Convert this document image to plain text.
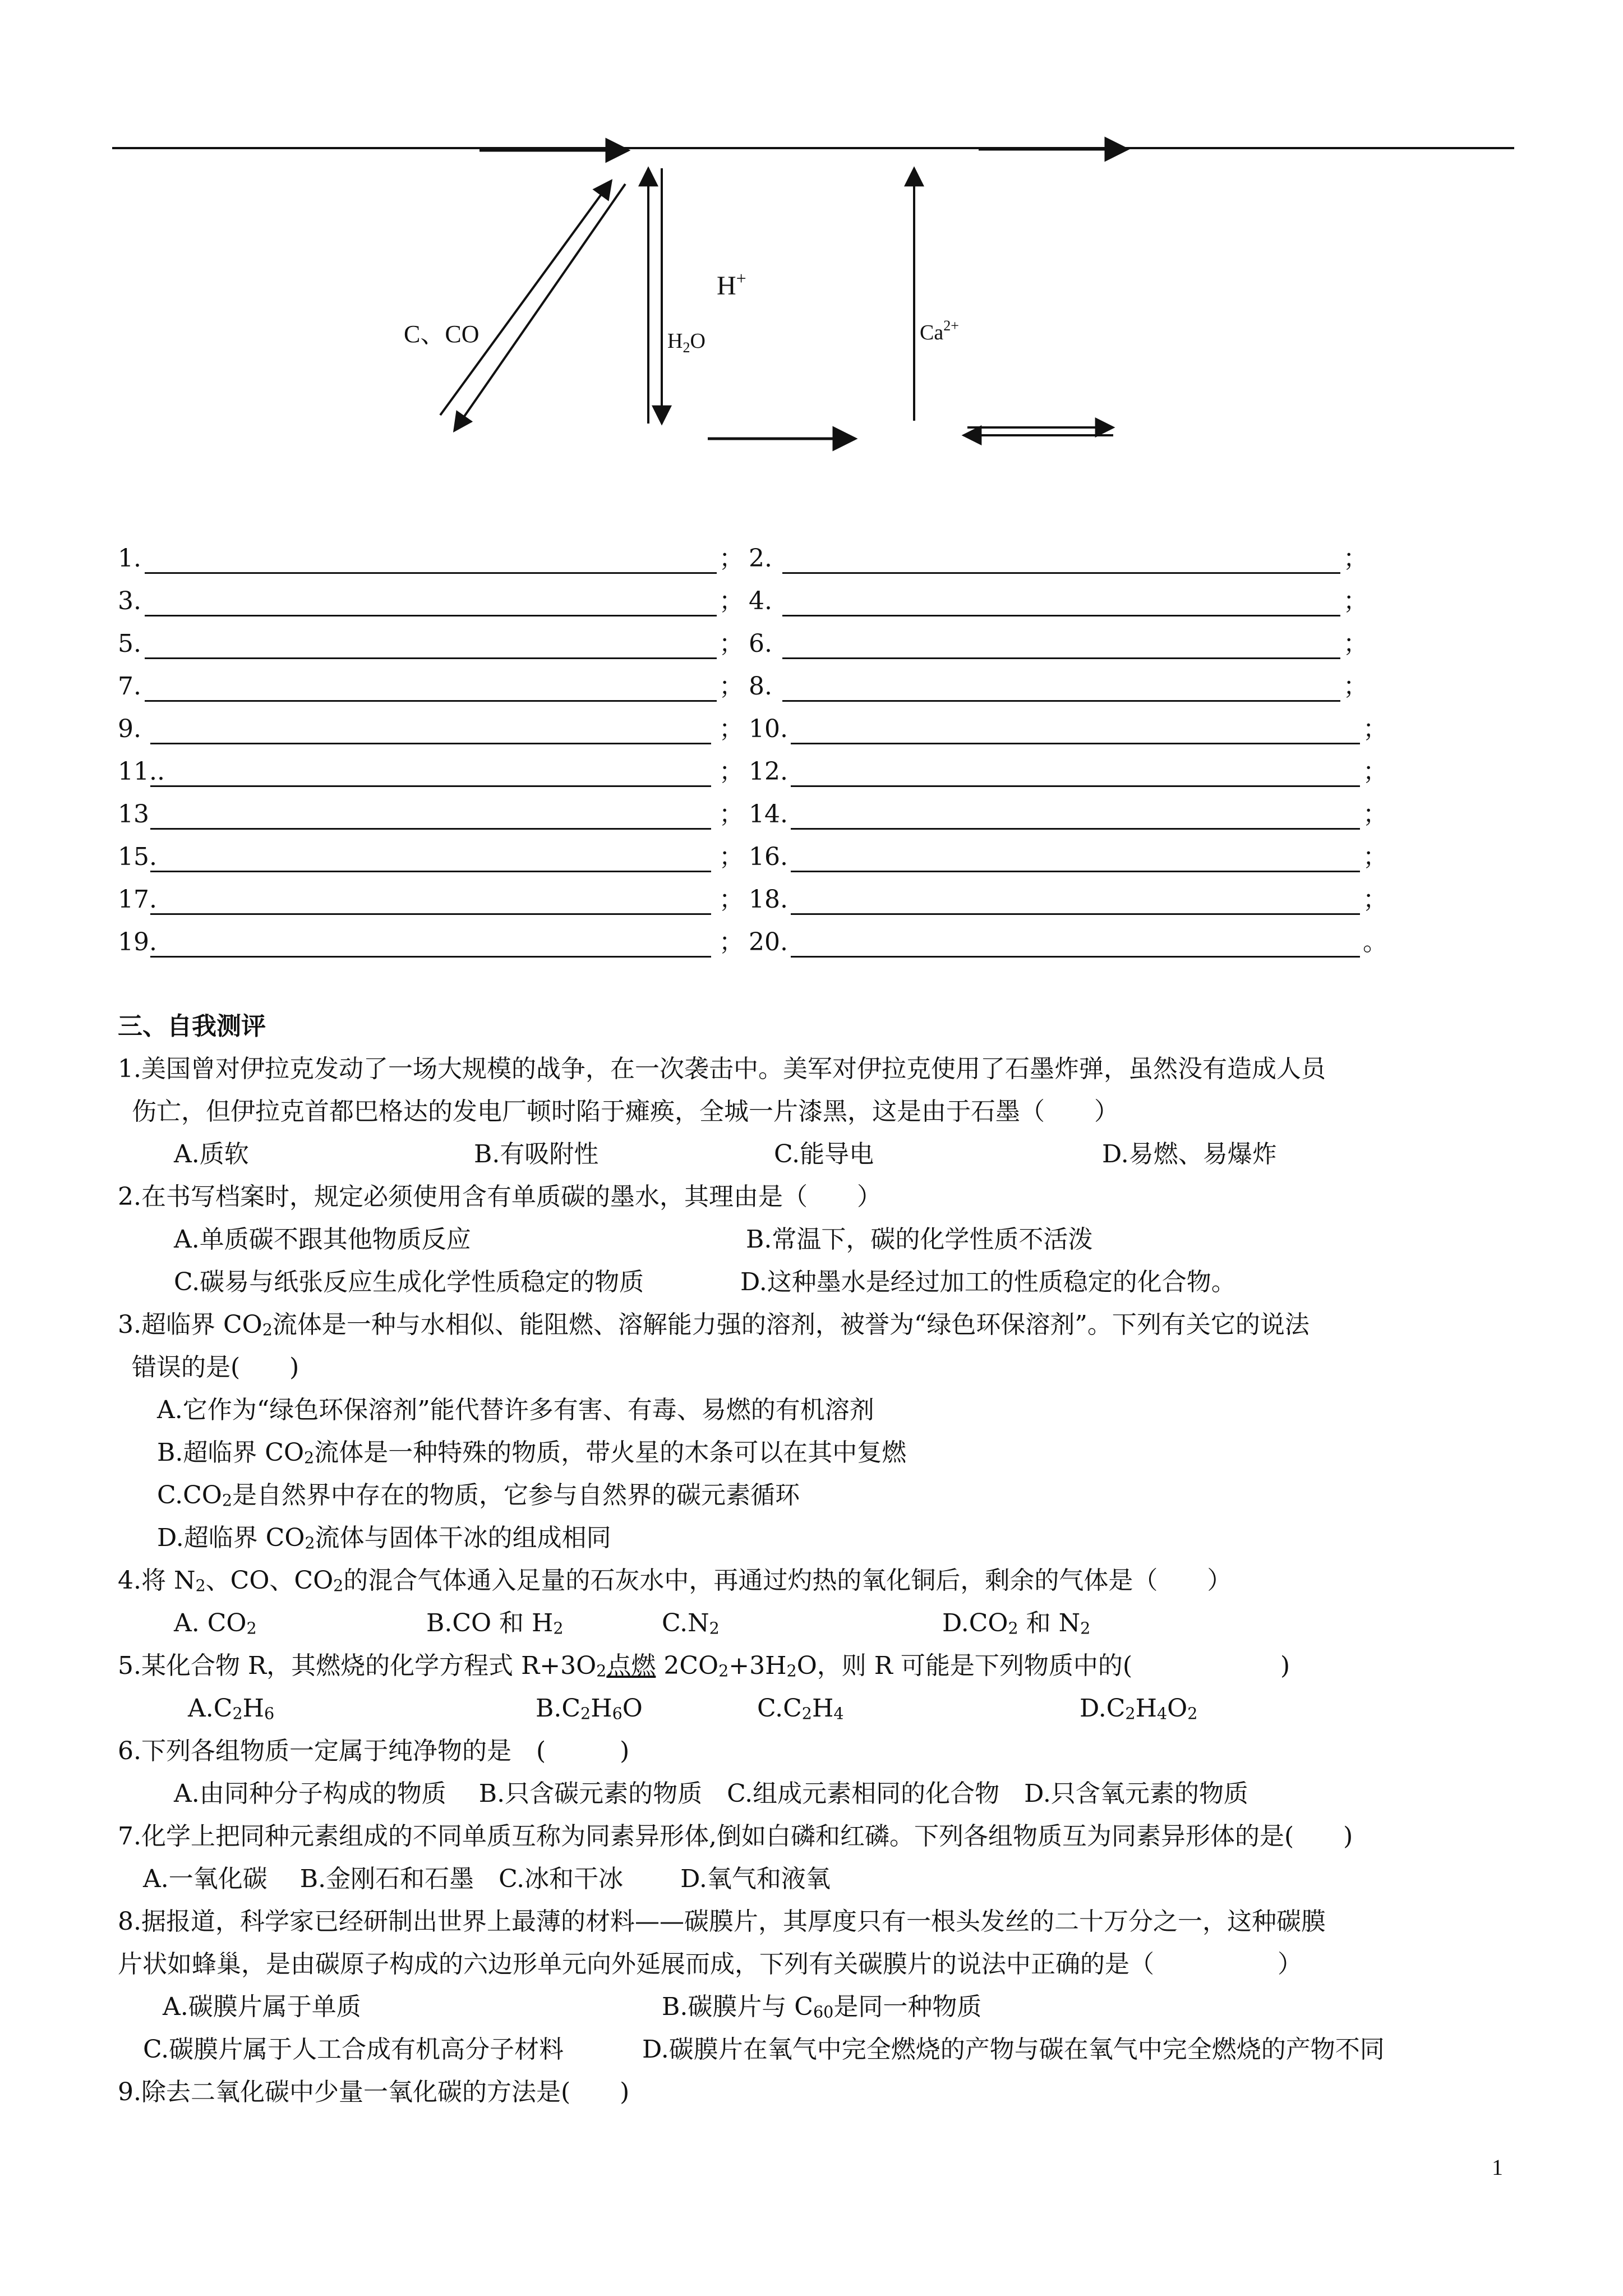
C、CO	$H_2O$
H+
$Ca^{2+}$
1.	； 2.	；
3.	； 4.	；
5.	； 6.	；
7.	； 8.	；
9.	； 10.	；
11..	； 12.	；
13	； 14.	；
15.	； 16.	；
17.	； 18.	；
19.	； 20.	。
三、自我测评
1.美国曾对伊拉克发动了一场大规模的战争，在一次袭击中。美军对伊拉克使用了石墨炸弹，虽然没有造成人员
伤亡，但伊拉克首都巴格达的发电厂顿时陷于瘫痪，全城一片漆黑，这是由于石墨（　　）
A.质软	B.有吸附性	C.能导电	D.易燃、易爆炸
2.在书写档案时，规定必须使用含有单质碳的墨水，其理由是（　　）
A.单质碳不跟其他物质反应	B.常温下，碳的化学性质不活泼
C.碳易与纸张反应生成化学性质稳定的物质	D.这种墨水是经过加工的性质稳定的化合物。
3.超临界 $CO_2$流体是一种与水相似、能阻燃、溶解能力强的溶剂，被誉为“绿色环保溶剂”。下列有关它的说法
错误的是(　　)
A.它作为“绿色环保溶剂”能代替许多有害、有毒、易燃的有机溶剂
B.超临界 $CO_2$流体是一种特殊的物质，带火星的木条可以在其中复燃
$C.CO_2$是自然界中存在的物质，它参与自然界的碳元素循环
D.超临界 $CO_2$流体与固体干冰的组成相同
4.将 $N_2$、CO、$CO_2$的混合气体通入足量的石灰水中，再通过灼热的氧化铜后，剩余的气体是（　　）
A. $CO_2$	B.CO 和 $H_2$	$C.N_2$	$D.CO_2$ 和 $N_2$
5.某化合物 R，其燃烧的化学方程式 $R+3O_2$点燃 $2CO_2+3H_2O$，则 R 可能是下列物质中的(　　　　　　)
$A.C_2H_6$	$B.C_2H_6O$	$C.C_2H_4$	$D.C_2H_4O_2$
6.下列各组物质一定属于纯净物的是　(　　　)
A.由同种分子构成的物质　 B.只含碳元素的物质　C.组成元素相同的化合物　D.只含氧元素的物质
7.化学上把同种元素组成的不同单质互称为同素异形体,倒如白磷和红磷。下列各组物质互为同素异形体的是(　　)
A.一氧化碳　 B.金刚石和石墨　C.冰和干冰　　 D.氧气和液氧
8.据报道，科学家已经研制出世界上最薄的材料——碳膜片，其厚度只有一根头发丝的二十万分之一，这种碳膜
片状如蜂巢，是由碳原子构成的六边形单元向外延展而成，下列有关碳膜片的说法中正确的是（　　　　　）
A.碳膜片属于单质	B.碳膜片与 $C_{60}$是同一种物质
C.碳膜片属于人工合成有机高分子材料	D.碳膜片在氧气中完全燃烧的产物与碳在氧气中完全燃烧的产物不同
9.除去二氧化碳中少量一氧化碳的方法是(　　)
1
